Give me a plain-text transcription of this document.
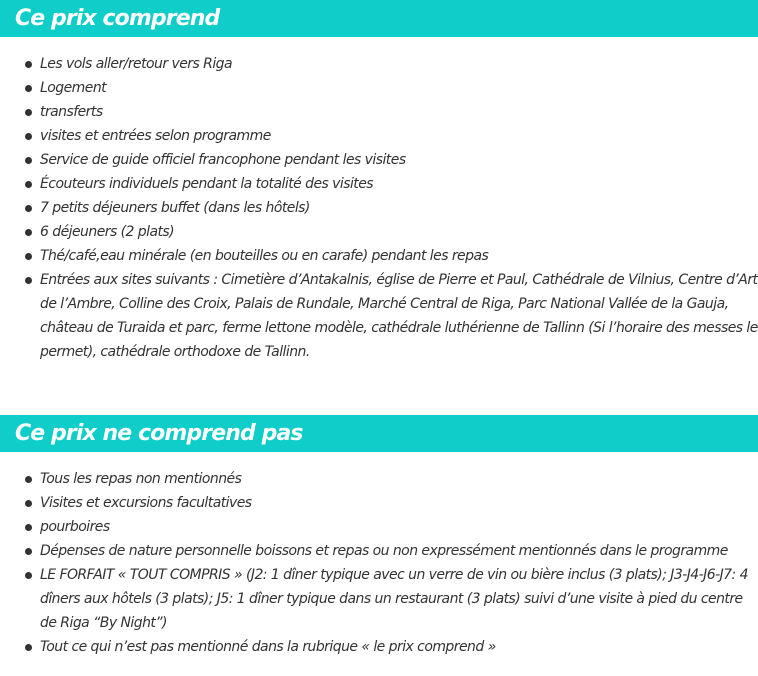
Ce prix comprend
Les vols aller/retour vers Riga
Logement
transferts
visites et entrées selon programme
Service de guide officiel francophone pendant les visites
Écouteurs individuels pendant la totalité des visites
7 petits déjeuners buffet (dans les hôtels)
6 déjeuners (2 plats)
Thé/café,eau minérale (en bouteilles ou en carafe) pendant les repas
Entrées aux sites suivants : Cimetière d’Antakalnis, église de Pierre et Paul, Cathédrale de Vilnius, Centre d’Art de l’Ambre, Colline des Croix, Palais de Rundale, Marché Central de Riga, Parc National Vallée de la Gauja, château de Turaida et parc, ferme lettone modèle, cathédrale luthérienne de Tallinn (Si l’horaire des messes le permet), cathédrale orthodoxe de Tallinn.
Ce prix ne comprend pas
Tous les repas non mentionnés
Visites et excursions facultatives
pourboires
Dépenses de nature personnelle boissons et repas ou non expressément mentionnés dans le programme
LE FORFAIT « TOUT COMPRIS » (J2: 1 dîner typique avec un verre de vin ou bière inclus (3 plats); J3-J4-J6-J7: 4 dîners aux hôtels (3 plats); J5: 1 dîner typique dans un restaurant (3 plats) suivi d’une visite à pied du centre de Riga “By Night”)
Tout ce qui n’est pas mentionné dans la rubrique « le prix comprend »
